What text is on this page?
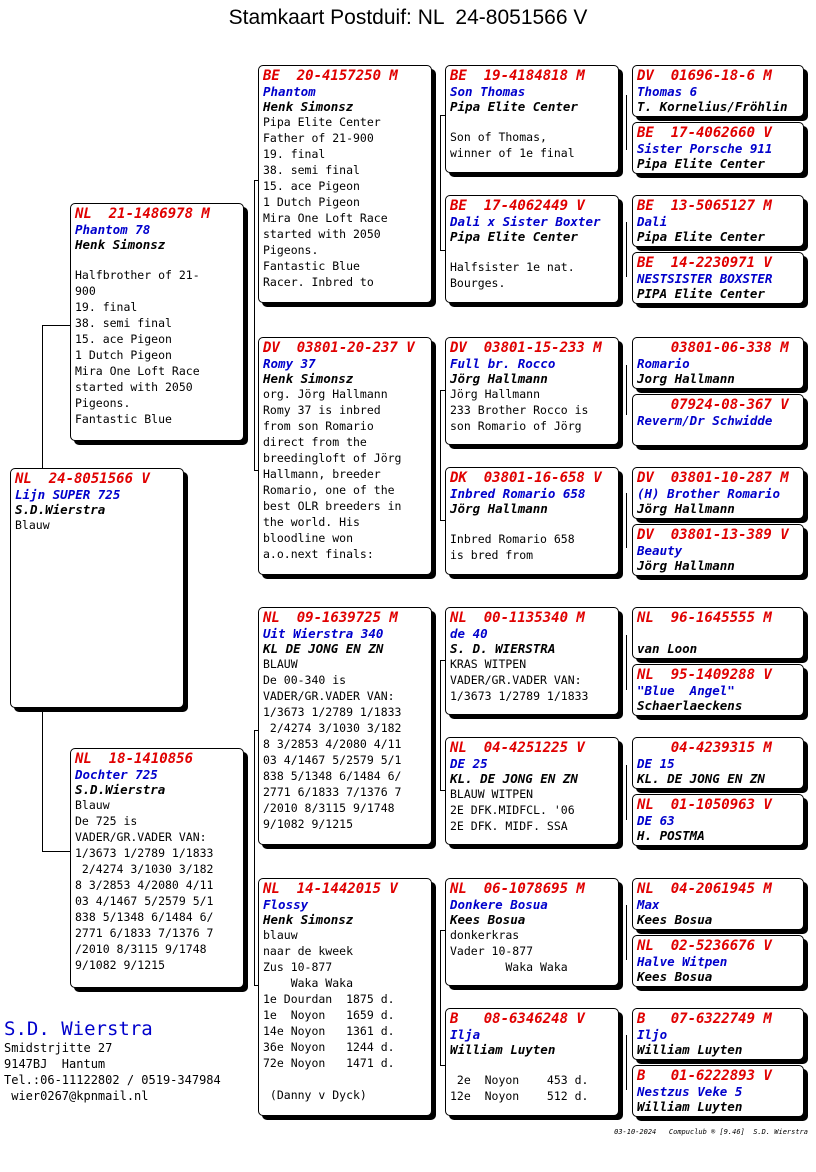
Stamkaart Postduif: NL  24-8051566 V
NL  24-8051566 V
Lijn SUPER 725
S.D.Wierstra
Blauw
NL  21-1486978 M
Phantom 78
Henk Simonsz
Halfbrother of 21-
900
19. final
38. semi final
15. ace Pigeon
1 Dutch Pigeon
Mira One Loft Race
started with 2050
Pigeons.
Fantastic Blue
NL  18-1410856
Dochter 725
S.D.Wierstra
Blauw
De 725 is
VADER/GR.VADER VAN:
1/3673 1/2789 1/1833
2/4274 3/1030 3/182
8 3/2853 4/2080 4/11
03 4/1467 5/2579 5/1
838 5/1348 6/1484 6/
2771 6/1833 7/1376 7
/2010 8/3115 9/1748
9/1082 9/1215
BE  20-4157250 M
Phantom
Henk Simonsz
Pipa Elite Center
Father of 21-900
19. final
38. semi final
15. ace Pigeon
1 Dutch Pigeon
Mira One Loft Race
started with 2050
Pigeons.
Fantastic Blue
Racer. Inbred to
DV  03801-20-237 V
Romy 37
Henk Simonsz
org. Jörg Hallmann
Romy 37 is inbred
from son Romario
direct from the
breedingloft of Jörg
Hallmann, breeder
Romario, one of the
best OLR breeders in
the world. His
bloodline won
a.o.next finals:
NL  09-1639725 M
Uit Wierstra 340
KL DE JONG EN ZN
BLAUW
De 00-340 is
VADER/GR.VADER VAN:
1/3673 1/2789 1/1833
2/4274 3/1030 3/182
8 3/2853 4/2080 4/11
03 4/1467 5/2579 5/1
838 5/1348 6/1484 6/
2771 6/1833 7/1376 7
/2010 8/3115 9/1748
9/1082 9/1215
NL  14-1442015 V
Flossy
Henk Simonsz
blauw
naar de kweek
Zus 10-877
Waka Waka
1e Dourdan  1875 d.
1e  Noyon   1659 d.
14e Noyon   1361 d.
36e Noyon   1244 d.
72e Noyon   1471 d.

(Danny v Dyck)
BE  19-4184818 M
Son Thomas
Pipa Elite Center
Son of Thomas,
winner of 1e final
BE  17-4062449 V
Dali x Sister Boxter
Pipa Elite Center
Halfsister 1e nat.
Bourges.
DV  03801-15-233 M
Full br. Rocco
Jörg Hallmann
Jörg Hallmann
233 Brother Rocco is
son Romario of Jörg
DK  03801-16-658 V
Inbred Romario 658
Jörg Hallmann
Inbred Romario 658
is bred from
NL  00-1135340 M
de 40
S. D. WIERSTRA
KRAS WITPEN
VADER/GR.VADER VAN:
1/3673 1/2789 1/1833
NL  04-4251225 V
DE 25
KL. DE JONG EN ZN
BLAUW WITPEN
2E DFK.MIDFCL. '06
2E DFK. MIDF. SSA
NL  06-1078695 M
Donkere Bosua
Kees Bosua
donkerkras
Vader 10-877
Waka Waka
B   08-6346248 V
Ilja
William Luyten
2e  Noyon    453 d.
12e  Noyon    512 d.
DV  01696-18-6 M
Thomas 6
T. Kornelius/Fröhlin
BE  17-4062660 V
Sister Porsche 911
Pipa Elite Center
BE  13-5065127 M
Dali
Pipa Elite Center
BE  14-2230971 V
NESTSISTER BOXSTER
PIPA Elite Center
03801-06-338 M
Romario
Jorg Hallmann
07924-08-367 V
Reverm/Dr Schwidde
DV  03801-10-287 M
(H) Brother Romario
Jörg Hallmann
DV  03801-13-389 V
Beauty
Jörg Hallmann
NL  96-1645555 M
van Loon
NL  95-1409288 V
"Blue  Angel"
Schaerlaeckens
04-4239315 M
DE 15
KL. DE JONG EN ZN
NL  01-1050963 V
DE 63
H. POSTMA
NL  04-2061945 M
Max
Kees Bosua
NL  02-5236676 V
Halve Witpen
Kees Bosua
B   07-6322749 M
Iljo
William Luyten
B   01-6222893 V
Nestzus Veke 5
William Luyten
S.D. Wierstra
Smidstrjitte 27
9147BJ  Hantum
Tel.:06-11122802 / 0519-347984
wier0267@kpnmail.nl
03-10-2024   Compuclub ® [9.46]  S.D. Wierstra
